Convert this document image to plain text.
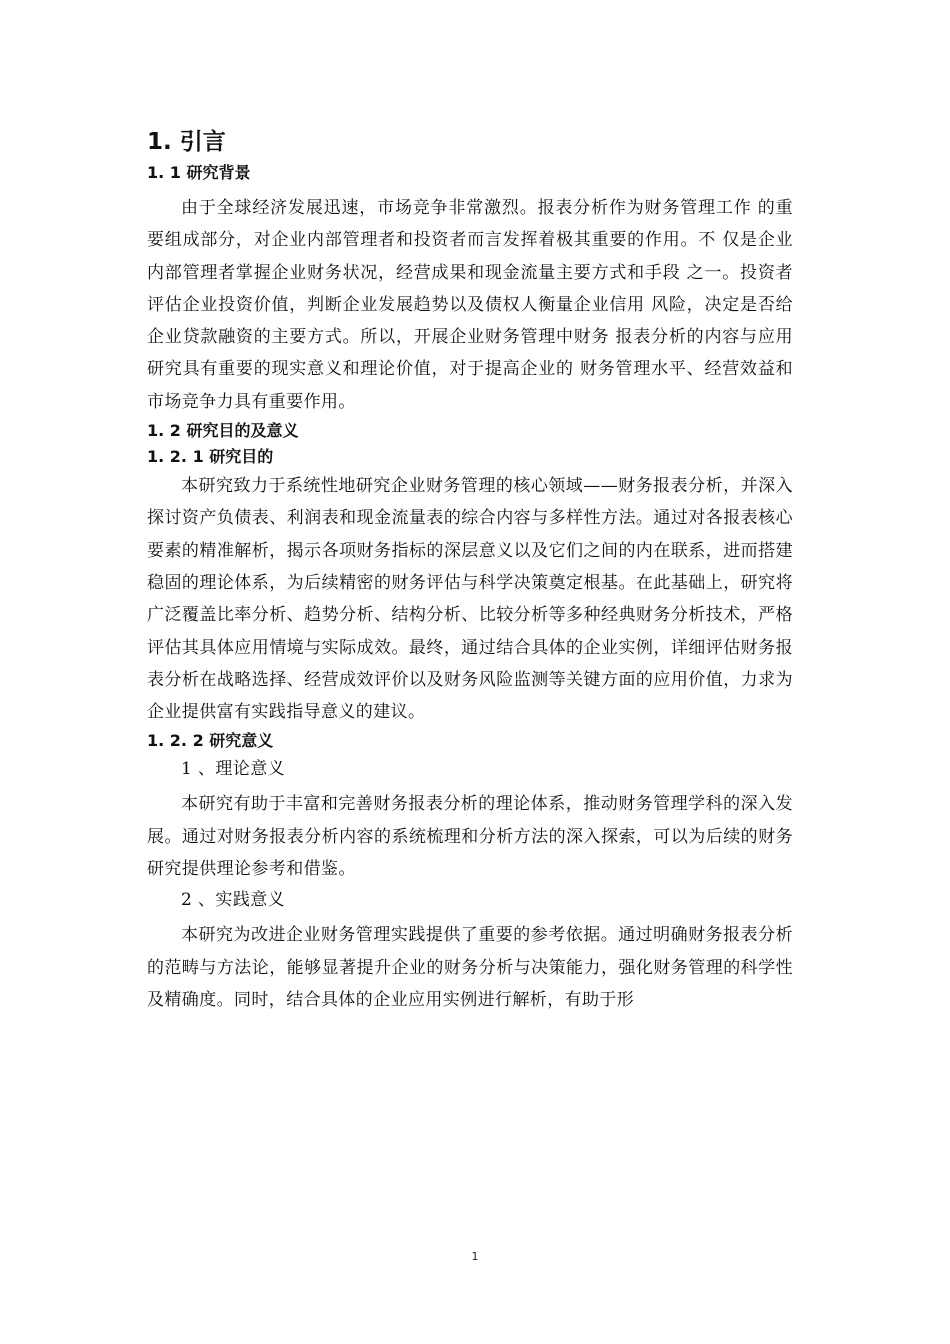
1. 引言
1. 1 研究背景

由于全球经济发展迅速，市场竞争非常激烈。报表分析作为财务管理工作 的重要组成部分，对企业内部管理者和投资者而言发挥着极其重要的作用。不 仅是企业内部管理者掌握企业财务状况，经营成果和现金流量主要方式和手段 之一。投资者评估企业投资价值，判断企业发展趋势以及债权人衡量企业信用 风险，决定是否给企业贷款融资的主要方式。所以，开展企业财务管理中财务 报表分析的内容与应用研究具有重要的现实意义和理论价值，对于提高企业的 财务管理水平、经营效益和市场竞争力具有重要作用。

1. 2 研究目的及意义
1. 2. 1 研究目的

本研究致力于系统性地研究企业财务管理的核心领域——财务报表分析，并深入探讨资产负债表、利润表和现金流量表的综合内容与多样性方法。通过对各报表核心要素的精准解析，揭示各项财务指标的深层意义以及它们之间的内在联系，进而搭建稳固的理论体系，为后续精密的财务评估与科学决策奠定根基。在此基础上，研究将广泛覆盖比率分析、趋势分析、结构分析、比较分析等多种经典财务分析技术，严格评估其具体应用情境与实际成效。最终，通过结合具体的企业实例，详细评估财务报表分析在战略选择、经营成效评价以及财务风险监测等关键方面的应用价值，力求为企业提供富有实践指导意义的建议。

1. 2. 2 研究意义

1 、理论意义

本研究有助于丰富和完善财务报表分析的理论体系，推动财务管理学科的深入发展。通过对财务报表分析内容的系统梳理和分析方法的深入探索，可以为后续的财务研究提供理论参考和借鉴。

2 、实践意义

本研究为改进企业财务管理实践提供了重要的参考依据。通过明确财务报表分析的范畴与方法论，能够显著提升企业的财务分析与决策能力，强化财务管理的科学性及精确度。同时，结合具体的企业应用实例进行解析，有助于形

1
